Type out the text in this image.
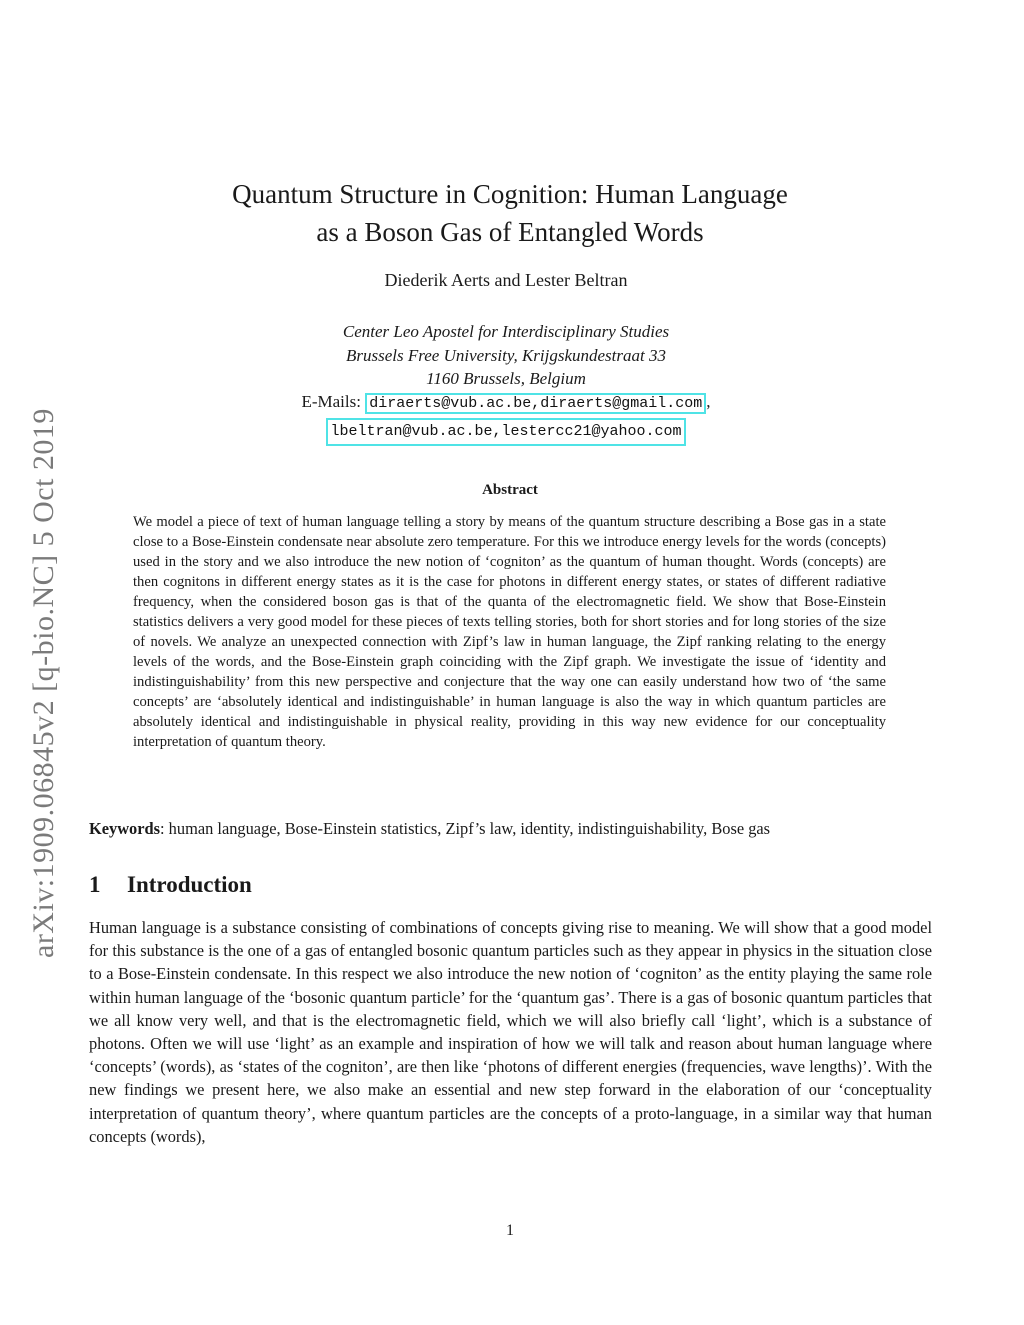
arXiv:1909.06845v2 [q-bio.NC] 5 Oct 2019
Quantum Structure in Cognition: Human Language
as a Boson Gas of Entangled Words
Diederik Aerts and Lester Beltran
Center Leo Apostel for Interdisciplinary Studies
Brussels Free University, Krijgskundestraat 33
1160 Brussels, Belgium
E-Mails: diraerts@vub.ac.be,diraerts@gmail.com ,
lbeltran@vub.ac.be,lestercc21@yahoo.com
Abstract

We model a piece of text of human language telling a story by means of the quantum structure describing a Bose gas in a state close to a Bose-Einstein condensate near absolute zero temperature. For this we introduce energy levels for the words (concepts) used in the story and we also introduce the new notion of ‘cogniton’ as the quantum of human thought. Words (concepts) are then cognitons in different energy states as it is the case for photons in different energy states, or states of different radiative frequency, when the considered boson gas is that of the quanta of the electromagnetic field. We show that Bose-Einstein statistics delivers a very good model for these pieces of texts telling stories, both for short stories and for long stories of the size of novels. We analyze an unexpected connection with Zipf’s law in human language, the Zipf ranking relating to the energy levels of the words, and the Bose-Einstein graph coinciding with the Zipf graph. We investigate the issue of ‘identity and indistinguishability’ from this new perspective and conjecture that the way one can easily understand how two of ‘the same concepts’ are ‘absolutely identical and indistinguishable’ in human language is also the way in which quantum particles are absolutely identical and indistinguishable in physical reality, providing in this way new evidence for our conceptuality interpretation of quantum theory.

Keywords: human language, Bose-Einstein statistics, Zipf’s law, identity, indistinguishability, Bose gas
1 Introduction

Human language is a substance consisting of combinations of concepts giving rise to meaning. We will show that a good model for this substance is the one of a gas of entangled bosonic quantum particles such as they appear in physics in the situation close to a Bose-Einstein condensate. In this respect we also introduce the new notion of ‘cogniton’ as the entity playing the same role within human language of the ‘bosonic quantum particle’ for the ‘quantum gas’. There is a gas of bosonic quantum particles that we all know very well, and that is the electromagnetic field, which we will also briefly call ‘light’, which is a substance of photons. Often we will use ‘light’ as an example and inspiration of how we will talk and reason about human language where ‘concepts’ (words), as ‘states of the cogniton’, are then like ‘photons of different energies (frequencies, wave lengths)’. With the new findings we present here, we also make an essential and new step forward in the elaboration of our ‘conceptuality interpretation of quantum theory’, where quantum particles are the concepts of a proto-language, in a similar way that human concepts (words),

1
